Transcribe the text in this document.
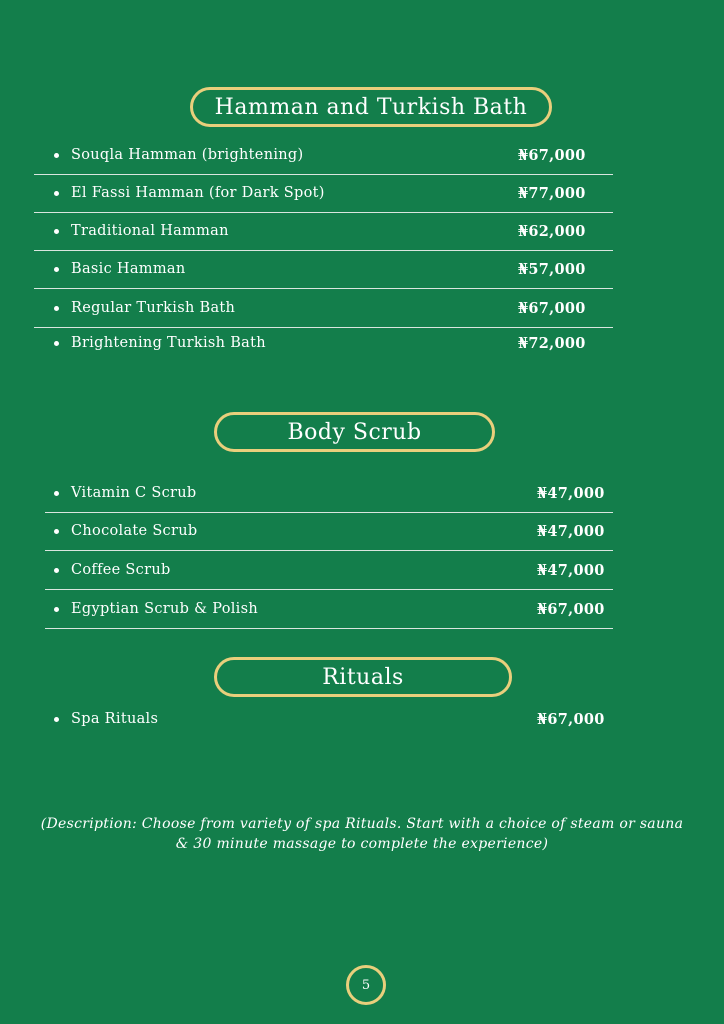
Hamman and Turkish Bath
Souqla Hamman (brightening)	₦67,000
El Fassi Hamman (for Dark Spot)	₦77,000
Traditional Hamman	₦62,000
Basic Hamman	₦57,000
Regular Turkish Bath	₦67,000
Brightening Turkish Bath	₦72,000
Body Scrub
Vitamin C Scrub	₦47,000
Chocolate Scrub	₦47,000
Coffee Scrub	₦47,000
Egyptian Scrub & Polish	₦67,000
Rituals
Spa Rituals	₦67,000
(Description: Choose from variety of spa Rituals. Start with a choice of steam or sauna & 30 minute massage to complete the experience)
5
